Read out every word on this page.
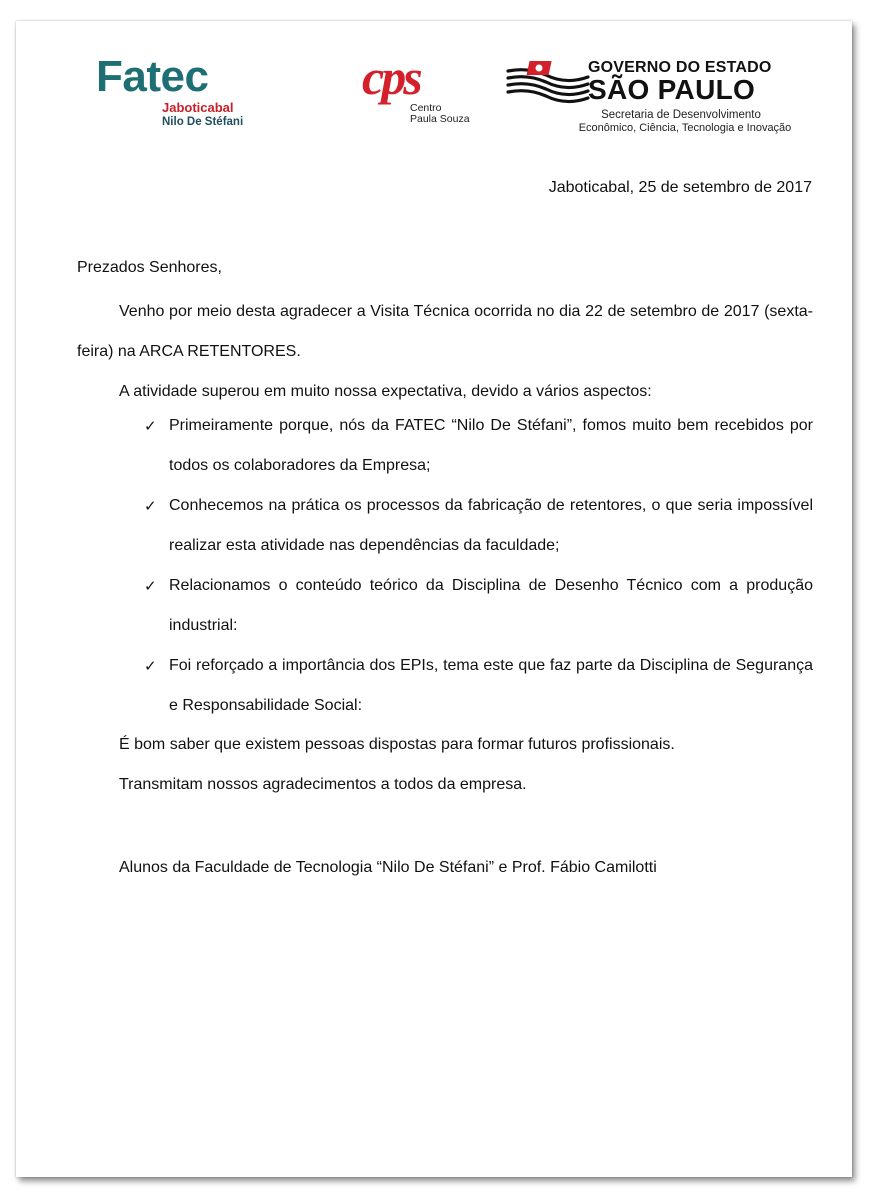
Fatec
Jaboticabal
Nilo De Stéfani
cps
Centro
Paula Souza
GOVERNO DO ESTADO
SÃO PAULO
Secretaria de Desenvolvimento
Econômico, Ciência, Tecnologia e Inovação
Jaboticabal, 25 de setembro de 2017
Prezados Senhores,
Venho por meio desta agradecer a Visita Técnica ocorrida no dia 22 de setembro de 2017 (sexta-feira) na ARCA RETENTORES.
A atividade superou em muito nossa expectativa, devido a vários aspectos:
✓ Primeiramente porque, nós da FATEC “Nilo De Stéfani”, fomos muito bem recebidos por todos os colaboradores da Empresa;
✓ Conhecemos na prática os processos da fabricação de retentores, o que seria impossível realizar esta atividade nas dependências da faculdade;
✓ Relacionamos o conteúdo teórico da Disciplina de Desenho Técnico com a produção industrial:
✓ Foi reforçado a importância dos EPIs, tema este que faz parte da Disciplina de Segurança e Responsabilidade Social:
É bom saber que existem pessoas dispostas para formar futuros profissionais.
Transmitam nossos agradecimentos a todos da empresa.
Alunos da Faculdade de Tecnologia “Nilo De Stéfani” e Prof. Fábio Camilotti
